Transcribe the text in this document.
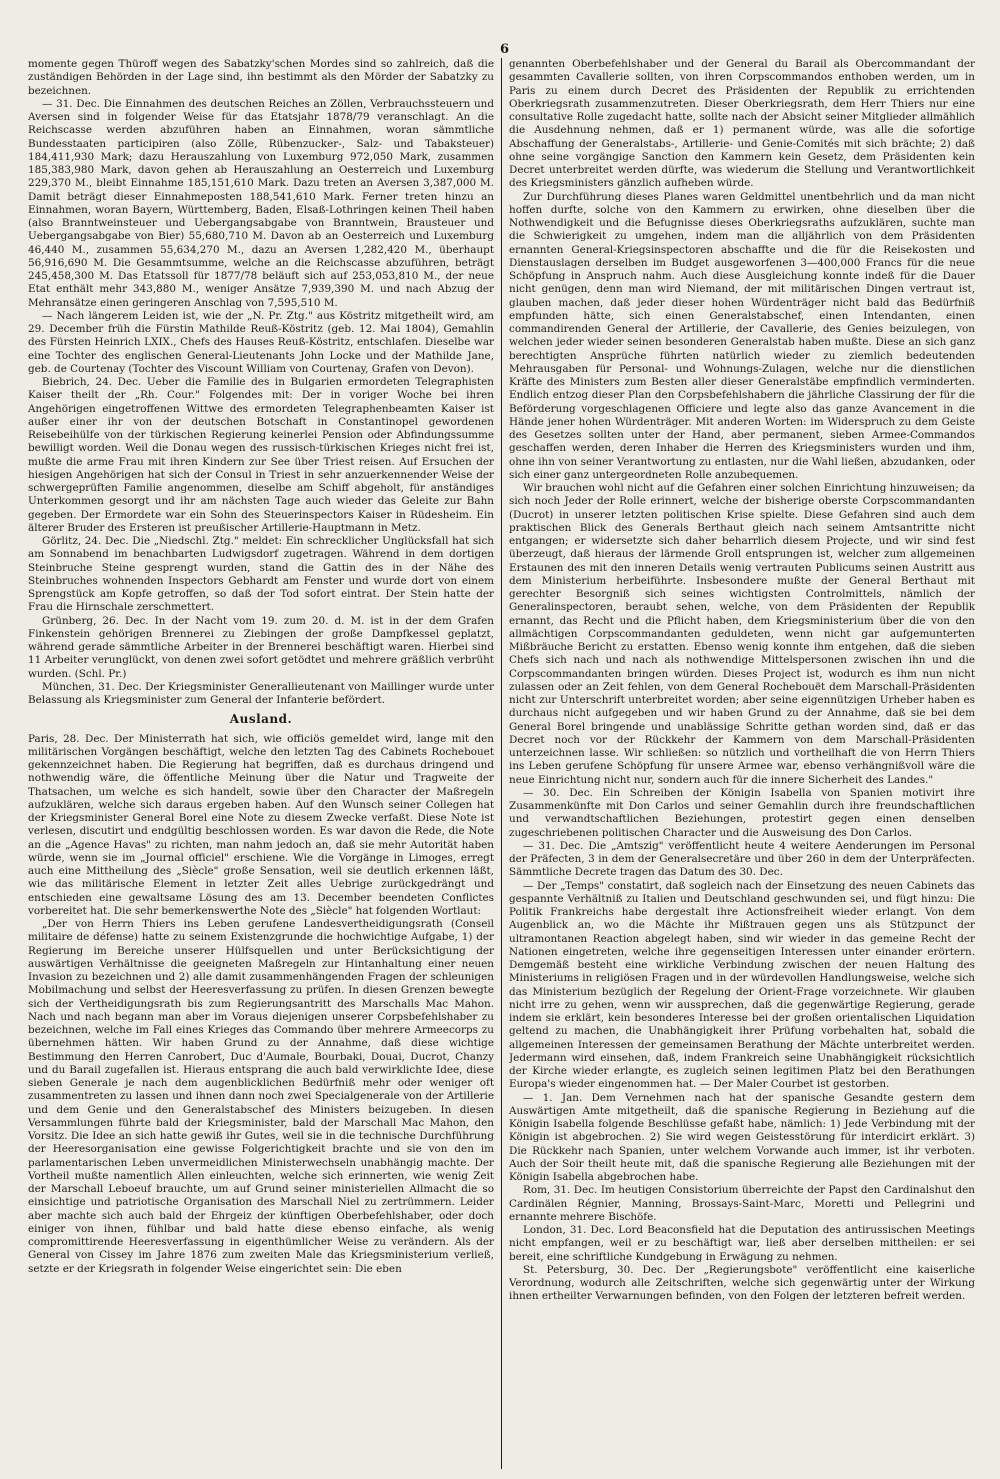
6

momente gegen Thüroff wegen des Sabatzky'schen Mordes sind so zahlreich, daß die zuständigen Behörden in der Lage sind, ihn bestimmt als den Mörder der Sabatzky zu bezeichnen.

— 31. Dec. Die Einnahmen des deutschen Reiches an Zöllen, Verbrauchssteuern und Aversen sind in folgender Weise für das Etatsjahr 1878/79 veranschlagt. An die Reichscasse werden abzuführen haben an Einnahmen, woran sämmtliche Bundesstaaten participiren (also Zölle, Rübenzucker-, Salz- und Tabaksteuer) 184,411,930 Mark; dazu Herauszahlung von Luxemburg 972,050 Mark, zusammen 185,383,980 Mark, davon gehen ab Herauszahlung an Oesterreich und Luxemburg 229,370 M., bleibt Einnahme 185,151,610 Mark. Dazu treten an Aversen 3,387,000 M. Damit beträgt dieser Einnahmeposten 188,541,610 Mark. Ferner treten hinzu an Einnahmen, woran Bayern, Württemberg, Baden, Elsaß-Lothringen keinen Theil haben (also Branntweinsteuer und Uebergangsabgabe von Branntwein, Brausteuer und Uebergangsabgabe von Bier) 55,680,710 M. Davon ab an Oesterreich und Luxemburg 46,440 M., zusammen 55,634,270 M., dazu an Aversen 1,282,420 M., überhaupt 56,916,690 M. Die Gesammtsumme, welche an die Reichscasse abzuführen, beträgt 245,458,300 M. Das Etatssoll für 1877/78 beläuft sich auf 253,053,810 M., der neue Etat enthält mehr 343,880 M., weniger Ansätze 7,939,390 M. und nach Abzug der Mehransätze einen geringeren Anschlag von 7,595,510 M.

— Nach längerem Leiden ist, wie der „N. Pr. Ztg." aus Köstritz mitgetheilt wird, am 29. December früh die Fürstin Mathilde Reuß-Köstritz (geb. 12. Mai 1804), Gemahlin des Fürsten Heinrich LXIX., Chefs des Hauses Reuß-Köstritz, entschlafen. Dieselbe war eine Tochter des englischen General-Lieutenants John Locke und der Mathilde Jane, geb. de Courtenay (Tochter des Viscount William von Courtenay, Grafen von Devon).

Biebrich, 24. Dec. Ueber die Familie des in Bulgarien ermordeten Telegraphisten Kaiser theilt der „Rh. Cour." Folgendes mit: Der in voriger Woche bei ihren Angehörigen eingetroffenen Wittwe des ermordeten Telegraphenbeamten Kaiser ist außer einer ihr von der deutschen Botschaft in Constantinopel gewordenen Reisebeihülfe von der türkischen Regierung keinerlei Pension oder Abfindungssumme bewilligt worden. Weil die Donau wegen des russisch-türkischen Krieges nicht frei ist, mußte die arme Frau mit ihren Kindern zur See über Triest reisen. Auf Ersuchen der hiesigen Angehörigen hat sich der Consul in Triest in sehr anzuerkennender Weise der schwergeprüften Familie angenommen, dieselbe am Schiff abgeholt, für anständiges Unterkommen gesorgt und ihr am nächsten Tage auch wieder das Geleite zur Bahn gegeben. Der Ermordete war ein Sohn des Steuerinspectors Kaiser in Rüdesheim. Ein älterer Bruder des Ersteren ist preußischer Artillerie-Hauptmann in Metz.

Görlitz, 24. Dec. Die „Niedschl. Ztg." meldet: Ein schrecklicher Unglücksfall hat sich am Sonnabend im benachbarten Ludwigsdorf zugetragen. Während in dem dortigen Steinbruche Steine gesprengt wurden, stand die Gattin des in der Nähe des Steinbruches wohnenden Inspectors Gebhardt am Fenster und wurde dort von einem Sprengstück am Kopfe getroffen, so daß der Tod sofort eintrat. Der Stein hatte der Frau die Hirnschale zerschmettert.

Grünberg, 26. Dec. In der Nacht vom 19. zum 20. d. M. ist in der dem Grafen Finkenstein gehörigen Brennerei zu Ziebingen der große Dampfkessel geplatzt, während gerade sämmtliche Arbeiter in der Brennerei beschäftigt waren. Hierbei sind 11 Arbeiter verunglückt, von denen zwei sofort getödtet und mehrere gräßlich verbrüht wurden. (Schl. Pr.)

München, 31. Dec. Der Kriegsminister Generallieutenant von Maillinger wurde unter Belassung als Kriegsminister zum General der Infanterie befördert.

Ausland.

Paris, 28. Dec. Der Ministerrath hat sich, wie officiös gemeldet wird, lange mit den militärischen Vorgängen beschäftigt, welche den letzten Tag des Cabinets Rochebouet gekennzeichnet haben. Die Regierung hat begriffen, daß es durchaus dringend und nothwendig wäre, die öffentliche Meinung über die Natur und Tragweite der Thatsachen, um welche es sich handelt, sowie über den Character der Maßregeln aufzuklären, welche sich daraus ergeben haben. Auf den Wunsch seiner Collegen hat der Kriegsminister General Borel eine Note zu diesem Zwecke verfaßt. Diese Note ist verlesen, discutirt und endgültig beschlossen worden. Es war davon die Rede, die Note an die „Agence Havas" zu richten, man nahm jedoch an, daß sie mehr Autorität haben würde, wenn sie im „Journal officiel" erschiene. Wie die Vorgänge in Limoges, erregt auch eine Mittheilung des „Siècle" große Sensation, weil sie deutlich erkennen läßt, wie das militärische Element in letzter Zeit alles Uebrige zurückgedrängt und entschieden eine gewaltsame Lösung des am 13. December beendeten Conflictes vorbereitet hat. Die sehr bemerkenswerthe Note des „Siècle" hat folgenden Wortlaut:

„Der von Herrn Thiers ins Leben gerufene Landesvertheidigungsrath (Conseil militaire de défense) hatte zu seinem Existenzgrunde die hochwichtige Aufgabe, 1) der Regierung im Bereiche unserer Hülfsquellen und unter Berücksichtigung der auswärtigen Verhältnisse die geeigneten Maßregeln zur Hintanhaltung einer neuen Invasion zu bezeichnen und 2) alle damit zusammenhängenden Fragen der schleunigen Mobilmachung und selbst der Heeresverfassung zu prüfen. In diesen Grenzen bewegte sich der Vertheidigungsrath bis zum Regierungsantritt des Marschalls Mac Mahon. Nach und nach begann man aber im Voraus diejenigen unserer Corpsbefehlshaber zu bezeichnen, welche im Fall eines Krieges das Commando über mehrere Armeecorps zu übernehmen hätten. Wir haben Grund zu der Annahme, daß diese wichtige Bestimmung den Herren Canrobert, Duc d'Aumale, Bourbaki, Douai, Ducrot, Chanzy und du Barail zugefallen ist. Hieraus entsprang die auch bald verwirklichte Idee, diese sieben Generale je nach dem augenblicklichen Bedürfniß mehr oder weniger oft zusammentreten zu lassen und ihnen dann noch zwei Specialgenerale von der Artillerie und dem Genie und den Generalstabschef des Ministers beizugeben. In diesen Versammlungen führte bald der Kriegsminister, bald der Marschall Mac Mahon, den Vorsitz. Die Idee an sich hatte gewiß ihr Gutes, weil sie in die technische Durchführung der Heeresorganisation eine gewisse Folgerichtigkeit brachte und sie von den im parlamentarischen Leben unvermeidlichen Ministerwechseln unabhängig machte. Der Vortheil mußte namentlich Allen einleuchten, welche sich erinnerten, wie wenig Zeit der Marschall Leboeuf brauchte, um auf Grund seiner ministeriellen Allmacht die so einsichtige und patriotische Organisation des Marschall Niel zu zertrümmern. Leider aber machte sich auch bald der Ehrgeiz der künftigen Oberbefehlshaber, oder doch einiger von ihnen, fühlbar und bald hatte diese ebenso einfache, als wenig compromittirende Heeresverfassung in eigenthümlicher Weise zu verändern. Als der General von Cissey im Jahre 1876 zum zweiten Male das Kriegsministerium verließ, setzte er der Kriegsrath in folgender Weise eingerichtet sein: Die eben

genannten Oberbefehlshaber und der General du Barail als Obercommandant der gesammten Cavallerie sollten, von ihren Corpscommandos enthoben werden, um in Paris zu einem durch Decret des Präsidenten der Republik zu errichtenden Oberkriegsrath zusammenzutreten. Dieser Oberkriegsrath, dem Herr Thiers nur eine consultative Rolle zugedacht hatte, sollte nach der Absicht seiner Mitglieder allmählich die Ausdehnung nehmen, daß er 1) permanent würde, was alle die sofortige Abschaffung der Generalstabs-, Artillerie- und Genie-Comités mit sich brächte; 2) daß ohne seine vorgängige Sanction den Kammern kein Gesetz, dem Präsidenten kein Decret unterbreitet werden dürfte, was wiederum die Stellung und Verantwortlichkeit des Kriegsministers gänzlich aufheben würde.

Zur Durchführung dieses Planes waren Geldmittel unentbehrlich und da man nicht hoffen durfte, solche von den Kammern zu erwirken, ohne dieselben über die Nothwendigkeit und die Befugnisse dieses Oberkriegsraths aufzuklären, suchte man die Schwierigkeit zu umgehen, indem man die alljährlich von dem Präsidenten ernannten General-Kriegsinspectoren abschaffte und die für die Reisekosten und Dienstauslagen derselben im Budget ausgeworfenen 3—400,000 Francs für die neue Schöpfung in Anspruch nahm. Auch diese Ausgleichung konnte indeß für die Dauer nicht genügen, denn man wird Niemand, der mit militärischen Dingen vertraut ist, glauben machen, daß jeder dieser hohen Würdenträger nicht bald das Bedürfniß empfunden hätte, sich einen Generalstabschef, einen Intendanten, einen commandirenden General der Artillerie, der Cavallerie, des Genies beizulegen, von welchen jeder wieder seinen besonderen Generalstab haben mußte. Diese an sich ganz berechtigten Ansprüche führten natürlich wieder zu ziemlich bedeutenden Mehrausgaben für Personal- und Wohnungs-Zulagen, welche nur die dienstlichen Kräfte des Ministers zum Besten aller dieser Generalstäbe empfindlich verminderten. Endlich entzog dieser Plan den Corpsbefehlshabern die jährliche Classirung der für die Beförderung vorgeschlagenen Officiere und legte also das ganze Avancement in die Hände jener hohen Würdenträger. Mit anderen Worten: im Widerspruch zu dem Geiste des Gesetzes sollten unter der Hand, aber permanent, sieben Armee-Commandos geschaffen werden, deren Inhaber die Herren des Kriegsministers wurden und ihm, ohne ihn von seiner Verantwortung zu entlasten, nur die Wahl ließen, abzudanken, oder sich einer ganz untergeordneten Rolle anzubequemen.

Wir brauchen wohl nicht auf die Gefahren einer solchen Einrichtung hinzuweisen; da sich noch Jeder der Rolle erinnert, welche der bisherige oberste Corpscommandanten (Ducrot) in unserer letzten politischen Krise spielte. Diese Gefahren sind auch dem praktischen Blick des Generals Berthaut gleich nach seinem Amtsantritte nicht entgangen; er widersetzte sich daher beharrlich diesem Projecte, und wir sind fest überzeugt, daß hieraus der lärmende Groll entsprungen ist, welcher zum allgemeinen Erstaunen des mit den inneren Details wenig vertrauten Publicums seinen Austritt aus dem Ministerium herbeiführte. Insbesondere mußte der General Berthaut mit gerechter Besorgniß sich seines wichtigsten Controlmittels, nämlich der Generalinspectoren, beraubt sehen, welche, von dem Präsidenten der Republik ernannt, das Recht und die Pflicht haben, dem Kriegsministerium über die von den allmächtigen Corpscommandanten geduldeten, wenn nicht gar aufgemunterten Mißbräuche Bericht zu erstatten. Ebenso wenig konnte ihm entgehen, daß die sieben Chefs sich nach und nach als nothwendige Mittelspersonen zwischen ihn und die Corpscommandanten bringen würden. Dieses Project ist, wodurch es ihm nun nicht zulassen oder an Zeit fehlen, von dem General Rochebouët dem Marschall-Präsidenten nicht zur Unterschrift unterbreitet worden; aber seine eigennützigen Urheber haben es durchaus nicht aufgegeben und wir haben Grund zu der Annahme, daß sie bei dem General Borel bringende und unablässige Schritte gethan worden sind, daß er das Decret noch vor der Rückkehr der Kammern von dem Marschall-Präsidenten unterzeichnen lasse. Wir schließen: so nützlich und vortheilhaft die von Herrn Thiers ins Leben gerufene Schöpfung für unsere Armee war, ebenso verhängnißvoll wäre die neue Einrichtung nicht nur, sondern auch für die innere Sicherheit des Landes."

— 30. Dec. Ein Schreiben der Königin Isabella von Spanien motivirt ihre Zusammenkünfte mit Don Carlos und seiner Gemahlin durch ihre freundschaftlichen und verwandtschaftlichen Beziehungen, protestirt gegen einen denselben zugeschriebenen politischen Character und die Ausweisung des Don Carlos.

— 31. Dec. Die „Amtszig" veröffentlicht heute 4 weitere Aenderungen im Personal der Präfecten, 3 in dem der Generalsecretäre und über 260 in dem der Unterpräfecten. Sämmtliche Decrete tragen das Datum des 30. Dec.

— Der „Temps" constatirt, daß sogleich nach der Einsetzung des neuen Cabinets das gespannte Verhältniß zu Italien und Deutschland geschwunden sei, und fügt hinzu: Die Politik Frankreichs habe dergestalt ihre Actionsfreiheit wieder erlangt. Von dem Augenblick an, wo die Mächte ihr Mißtrauen gegen uns als Stützpunct der ultramontanen Reaction abgelegt haben, sind wir wieder in das gemeine Recht der Nationen eingetreten, welche ihre gegenseitigen Interessen unter einander erörtern. Demgemäß besteht eine wirkliche Verbindung zwischen der neuen Haltung des Ministeriums in religiösen Fragen und in der würdevollen Handlungsweise, welche sich das Ministerium bezüglich der Regelung der Orient-Frage vorzeichnete. Wir glauben nicht irre zu gehen, wenn wir aussprechen, daß die gegenwärtige Regierung, gerade indem sie erklärt, kein besonderes Interesse bei der großen orientalischen Liquidation geltend zu machen, die Unabhängigkeit ihrer Prüfung vorbehalten hat, sobald die allgemeinen Interessen der gemeinsamen Berathung der Mächte unterbreitet werden. Jedermann wird einsehen, daß, indem Frankreich seine Unabhängigkeit rücksichtlich der Kirche wieder erlangte, es zugleich seinen legitimen Platz bei den Berathungen Europa's wieder eingenommen hat. — Der Maler Courbet ist gestorben.

— 1. Jan. Dem Vernehmen nach hat der spanische Gesandte gestern dem Auswärtigen Amte mitgetheilt, daß die spanische Regierung in Beziehung auf die Königin Isabella folgende Beschlüsse gefaßt habe, nämlich: 1) Jede Verbindung mit der Königin ist abgebrochen. 2) Sie wird wegen Geistesstörung für interdicirt erklärt. 3) Die Rückkehr nach Spanien, unter welchem Vorwande auch immer, ist ihr verboten. Auch der Soir theilt heute mit, daß die spanische Regierung alle Beziehungen mit der Königin Isabella abgebrochen habe.

Rom, 31. Dec. Im heutigen Consistorium überreichte der Papst den Cardinalshut den Cardinälen Régnier, Manning, Brossays-Saint-Marc, Moretti und Pellegrini und ernannte mehrere Bischöfe.

London, 31. Dec. Lord Beaconsfield hat die Deputation des antirussischen Meetings nicht empfangen, weil er zu beschäftigt war, ließ aber derselben mittheilen: er sei bereit, eine schriftliche Kundgebung in Erwägung zu nehmen.

St. Petersburg, 30. Dec. Der „Regierungsbote" veröffentlicht eine kaiserliche Verordnung, wodurch alle Zeitschriften, welche sich gegenwärtig unter der Wirkung ihnen ertheilter Verwarnungen befinden, von den Folgen der letzteren befreit werden.
